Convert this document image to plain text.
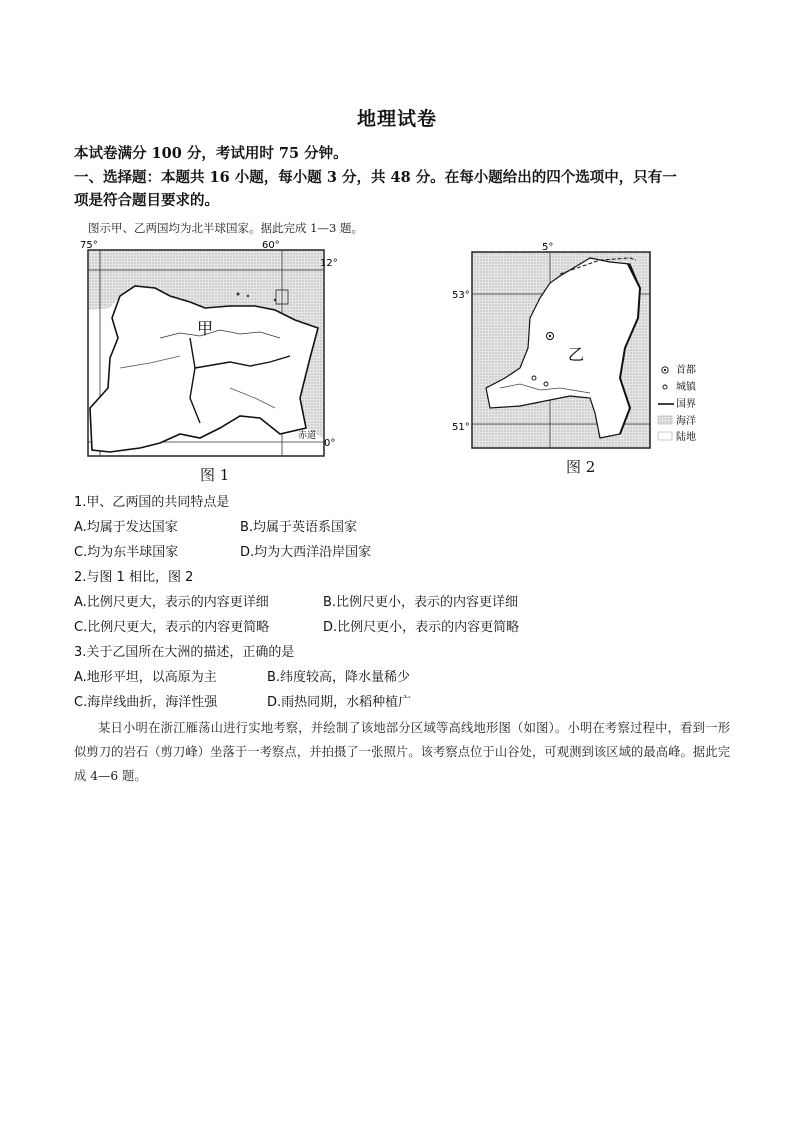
地理试卷
本试卷满分 100 分，考试用时 75 分钟。
一、选择题：本题共 16 小题，每小题 3 分，共 48 分。在每小题给出的四个选项中，只有一
项是符合题目要求的。
图示甲、乙两国均为北半球国家。据此完成 1—3 题。
75°	60°
12°
0°
赤道
甲
图 1
5°
53°
51°
乙
首都
城镇
国界
海洋
陆地
图 2
1.甲、乙两国的共同特点是
A.均属于发达国家	B.均属于英语系国家
C.均为东半球国家	D.均为大西洋沿岸国家
2.与图 1 相比，图 2
A.比例尺更大，表示的内容更详细	B.比例尺更小，表示的内容更详细
C.比例尺更大，表示的内容更简略	D.比例尺更小，表示的内容更简略
3.关于乙国所在大洲的描述，正确的是
A.地形平坦，以高原为主	B.纬度较高，降水量稀少
C.海岸线曲折，海洋性强	D.雨热同期，水稻种植广
某日小明在浙江雁荡山进行实地考察，并绘制了该地部分区域等高线地形图（如图）。小明在考察过程中，看到一形似剪刀的岩石（剪刀峰）坐落于一考察点，并拍摄了一张照片。该考察点位于山谷处，可观测到该区域的最高峰。据此完成 4—6 题。
